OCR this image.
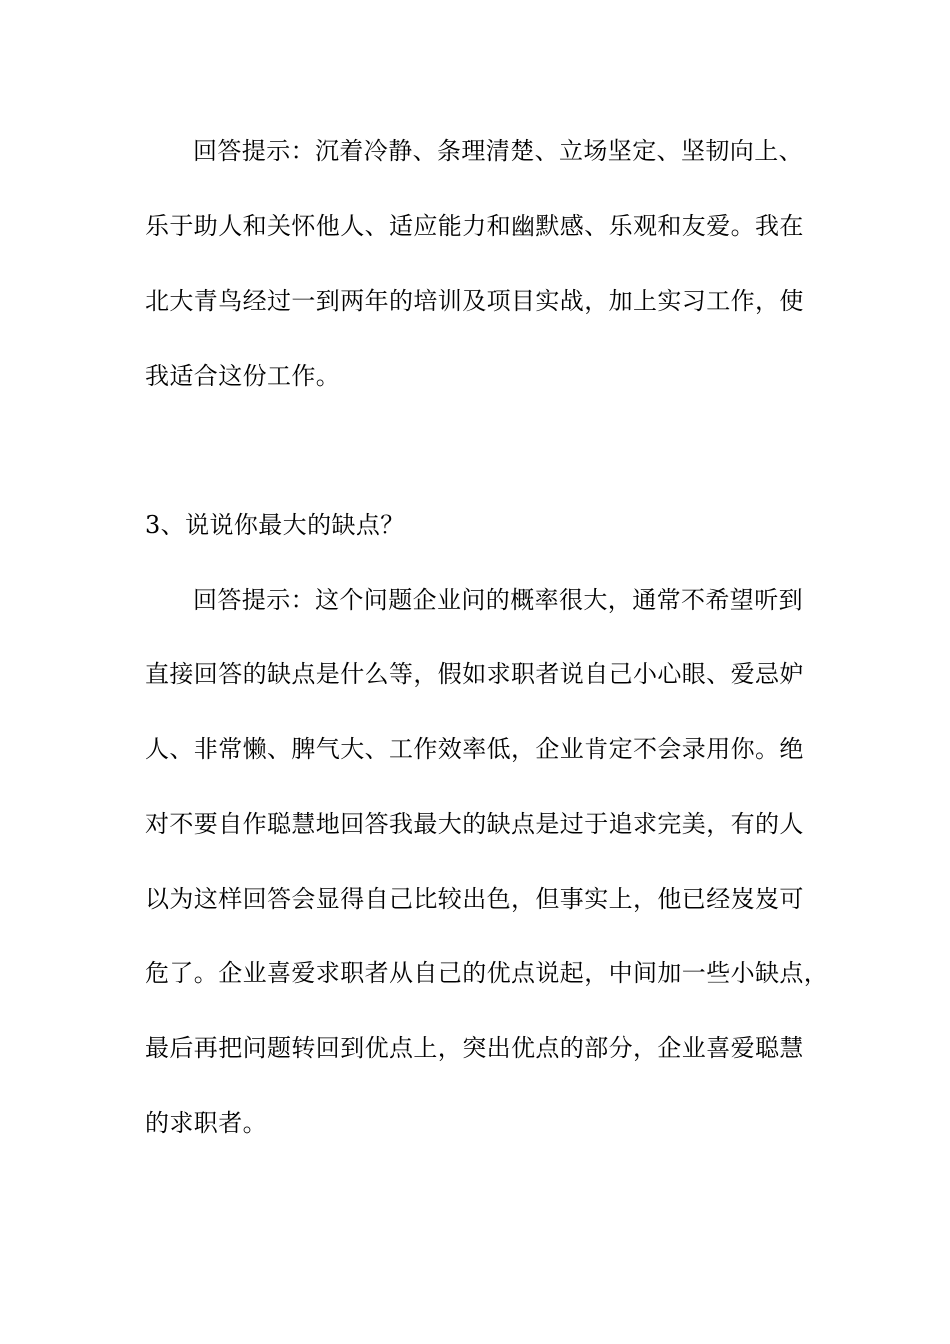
回答提示：沉着冷静、条理清楚、立场坚定、坚韧向上、
乐于助人和关怀他人、适应能力和幽默感、乐观和友爱。我在
北大青鸟经过一到两年的培训及项目实战，加上实习工作，使
我适合这份工作。
3、说说你最大的缺点？
回答提示：这个问题企业问的概率很大，通常不希望听到
直接回答的缺点是什么等，假如求职者说自己小心眼、爱忌妒
人、非常懒、脾气大、工作效率低，企业肯定不会录用你。绝
对不要自作聪慧地回答我最大的缺点是过于追求完美，有的人
以为这样回答会显得自己比较出色，但事实上，他已经岌岌可
危了。企业喜爱求职者从自己的优点说起，中间加一些小缺点，
最后再把问题转回到优点上，突出优点的部分，企业喜爱聪慧
的求职者。
